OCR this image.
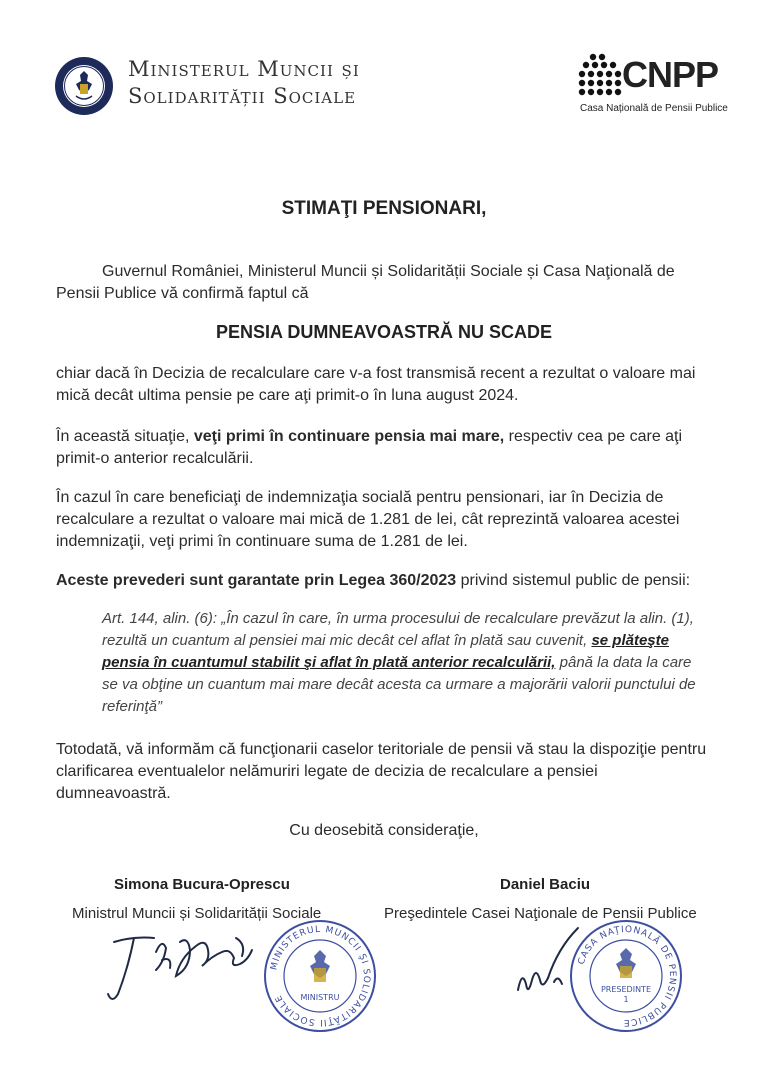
Ministerul Muncii și
Solidarității Sociale
CNPP
Casa Națională de Pensii Publice
STIMAŢI PENSIONARI,
Guvernul României, Ministerul Muncii și Solidarității Sociale și Casa Naţională de Pensii Publice vă confirmă faptul că
PENSIA DUMNEAVOASTRĂ NU SCADE
chiar dacă în Decizia de recalculare care v-a fost transmisă recent a rezultat o valoare mai mică decât ultima pensie pe care aţi primit-o în luna august 2024.
În această situaţie, veţi primi în continuare pensia mai mare, respectiv cea pe care aţi primit-o anterior recalculării.
În cazul în care beneficiaţi de indemnizaţia socială pentru pensionari, iar în Decizia de recalculare a rezultat o valoare mai mică de 1.281 de lei, cât reprezintă valoarea acestei indemnizaţii, veţi primi în continuare suma de 1.281 de lei.
Aceste prevederi sunt garantate prin Legea 360/2023 privind sistemul public de pensii:
Art. 144, alin. (6): „În cazul în care, în urma procesului de recalculare prevăzut la alin. (1), rezultă un cuantum al pensiei mai mic decât cel aflat în plată sau cuvenit, se plăteşte pensia în cuantumul stabilit şi aflat în plată anterior recalculării, până la data la care se va obţine un cuantum mai mare decât acesta ca urmare a majorării valorii punctului de referinţă”
Totodată, vă informăm că funcţionarii caselor teritoriale de pensii vă stau la dispoziţie pentru clarificarea eventualelor nelămuriri legate de decizia de recalculare a pensiei dumneavoastră.
Cu deosebită consideraţie,
Simona Bucura-Oprescu
Ministrul Muncii și Solidarității Sociale
MINISTERUL MUNCII ŞI SOLIDARITĂŢII SOCIALE	MINISTRU
Daniel Baciu
Preşedintele Casei Naţionale de Pensii Publice
CASA NAŢIONALĂ DE PENSII PUBLICE
PRESEDINTE
1
